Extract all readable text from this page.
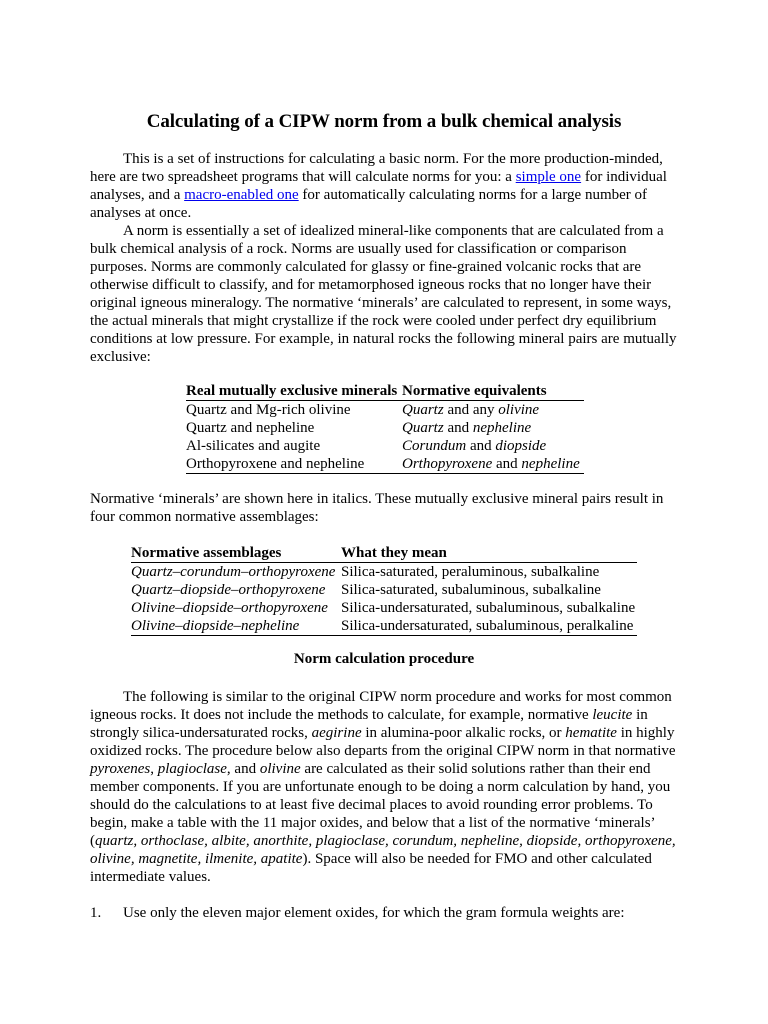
Calculating of a CIPW norm from a bulk chemical analysis

This is a set of instructions for calculating a basic norm. For the more production-minded, here are two spreadsheet programs that will calculate norms for you: a simple one for individual analyses, and a macro-enabled one for automatically calculating norms for a large number of analyses at once.

A norm is essentially a set of idealized mineral-like components that are calculated from a bulk chemical analysis of a rock. Norms are usually used for classification or comparison purposes. Norms are commonly calculated for glassy or fine-grained volcanic rocks that are otherwise difficult to classify, and for metamorphosed igneous rocks that no longer have their original igneous mineralogy. The normative ‘minerals’ are calculated to represent, in some ways, the actual minerals that might crystallize if the rock were cooled under perfect dry equilibrium conditions at low pressure. For example, in natural rocks the following mineral pairs are mutually exclusive:

Real mutually exclusive minerals	Normative equivalents
Quartz and Mg-rich olivine	Quartz and any olivine
Quartz and nepheline	Quartz and nepheline
Al-silicates and augite	Corundum and diopside
Orthopyroxene and nepheline	Orthopyroxene and nepheline

Normative ‘minerals’ are shown here in italics. These mutually exclusive mineral pairs result in four common normative assemblages:

Normative assemblages	What they mean
Quartz–corundum–orthopyroxene	Silica-saturated, peraluminous, subalkaline
Quartz–diopside–orthopyroxene	Silica-saturated, subaluminous, subalkaline
Olivine–diopside–orthopyroxene	Silica-undersaturated, subaluminous, subalkaline
Olivine–diopside–nepheline	Silica-undersaturated, subaluminous, peralkaline

Norm calculation procedure

The following is similar to the original CIPW norm procedure and works for most common igneous rocks. It does not include the methods to calculate, for example, normative leucite in strongly silica-undersaturated rocks, aegirine in alumina-poor alkalic rocks, or hematite in highly oxidized rocks. The procedure below also departs from the original CIPW norm in that normative pyroxenes, plagioclase, and olivine are calculated as their solid solutions rather than their end member components. If you are unfortunate enough to be doing a norm calculation by hand, you should do the calculations to at least five decimal places to avoid rounding error problems. To begin, make a table with the 11 major oxides, and below that a list of the normative ‘minerals’ (quartz, orthoclase, albite, anorthite, plagioclase, corundum, nepheline, diopside, orthopyroxene, olivine, magnetite, ilmenite, apatite). Space will also be needed for FMO and other calculated intermediate values.

1. Use only the eleven major element oxides, for which the gram formula weights are:
